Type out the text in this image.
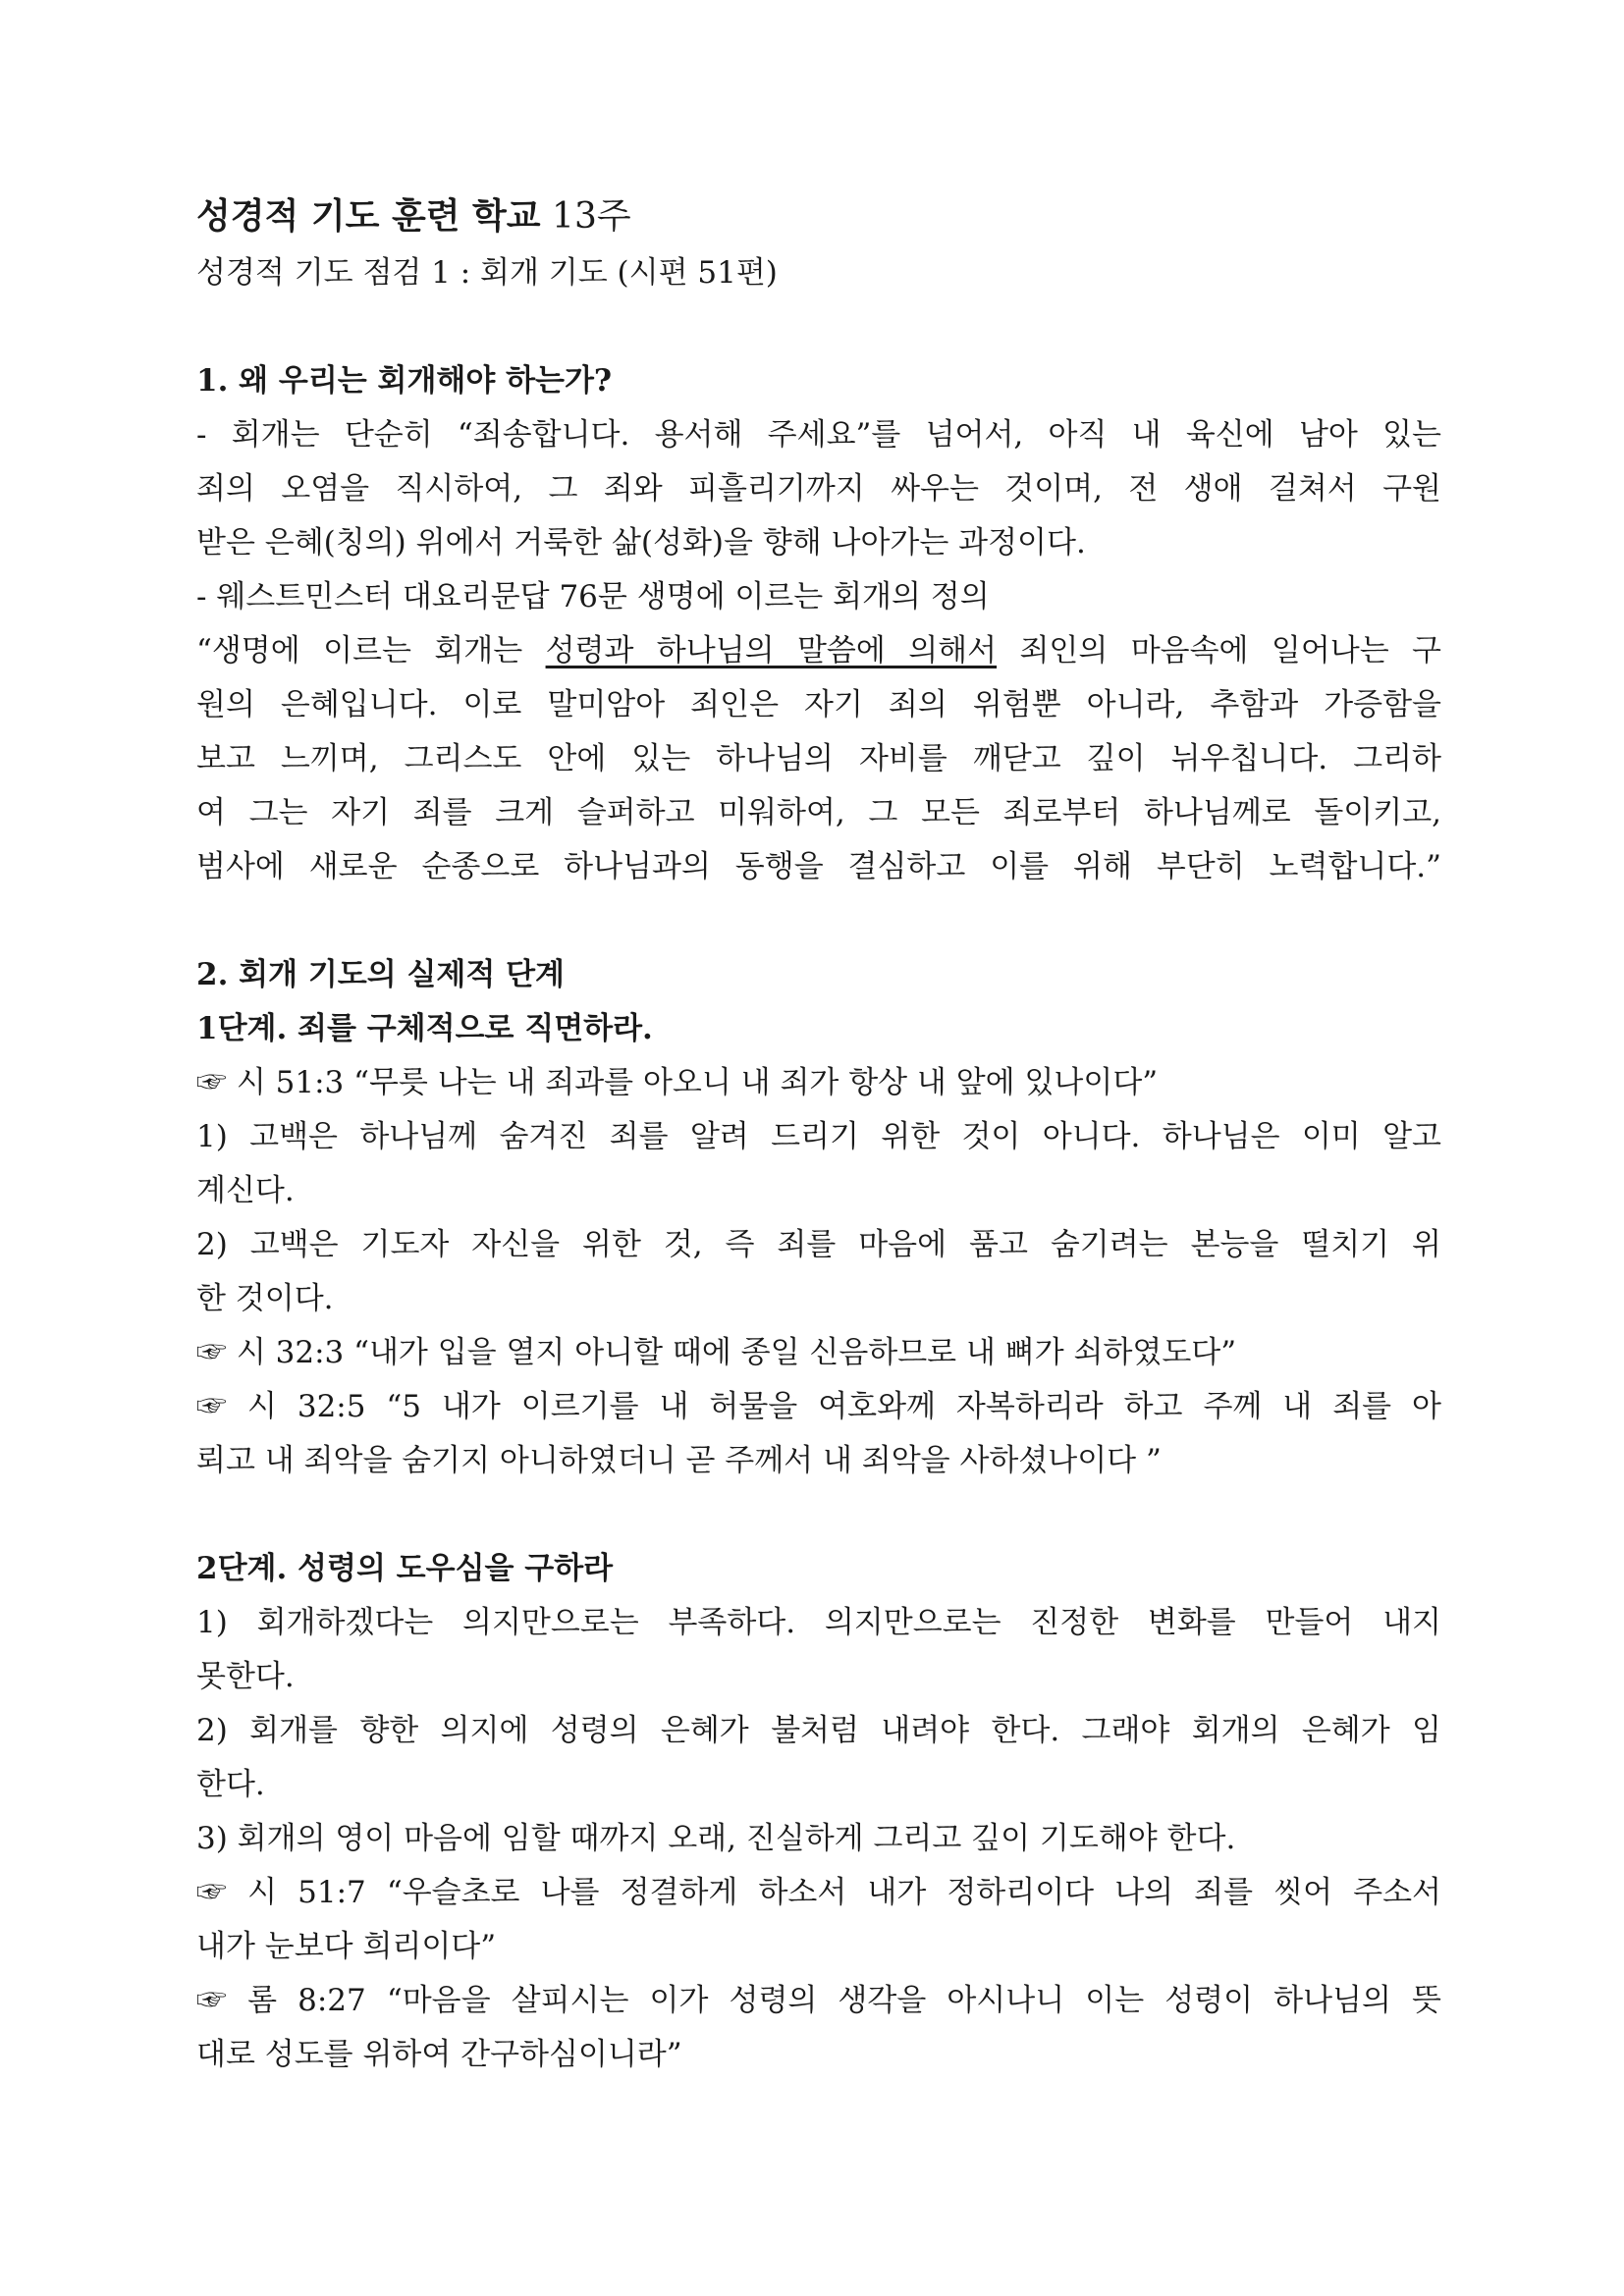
성경적 기도 훈련 학교 13주

성경적 기도 점검 1 : 회개 기도 (시편 51편)

1. 왜 우리는 회개해야 하는가?

- 회개는 단순히 “죄송합니다. 용서해 주세요”를 넘어서, 아직 내 육신에 남아 있는
죄의 오염을 직시하여, 그 죄와 피흘리기까지 싸우는 것이며, 전 생애 걸쳐서 구원
받은 은혜(칭의) 위에서 거룩한 삶(성화)을 향해 나아가는 과정이다.

- 웨스트민스터 대요리문답 76문 생명에 이르는 회개의 정의

“생명에 이르는 회개는 성령과 하나님의 말씀에 의해서 죄인의 마음속에 일어나는 구

원의 은혜입니다. 이로 말미암아 죄인은 자기 죄의 위험뿐 아니라, 추함과 가증함을

보고 느끼며, 그리스도 안에 있는 하나님의 자비를 깨닫고 깊이 뉘우칩니다. 그리하

여 그는 자기 죄를 크게 슬퍼하고 미워하여, 그 모든 죄로부터 하나님께로 돌이키고,

범사에 새로운 순종으로 하나님과의 동행을 결심하고 이를 위해 부단히 노력합니다.”

2. 회개 기도의 실제적 단계

1단계. 죄를 구체적으로 직면하라.

☞ 시 51:3 “무릇 나는 내 죄과를 아오니 내 죄가 항상 내 앞에 있나이다”

1) 고백은 하나님께 숨겨진 죄를 알려 드리기 위한 것이 아니다. 하나님은 이미 알고

계신다.

2) 고백은 기도자 자신을 위한 것, 즉 죄를 마음에 품고 숨기려는 본능을 떨치기 위

한 것이다.

☞ 시 32:3 “내가 입을 열지 아니할 때에 종일 신음하므로 내 뼈가 쇠하였도다”

☞ 시 32:5 “5 내가 이르기를 내 허물을 여호와께 자복하리라 하고 주께 내 죄를 아

뢰고 내 죄악을 숨기지 아니하였더니 곧 주께서 내 죄악을 사하셨나이다 ”

2단계. 성령의 도우심을 구하라

1) 회개하겠다는 의지만으로는 부족하다. 의지만으로는 진정한 변화를 만들어 내지

못한다.

2) 회개를 향한 의지에 성령의 은혜가 불처럼 내려야 한다. 그래야 회개의 은혜가 임

한다.

3) 회개의 영이 마음에 임할 때까지 오래, 진실하게 그리고 깊이 기도해야 한다.

☞ 시 51:7 “우슬초로 나를 정결하게 하소서 내가 정하리이다 나의 죄를 씻어 주소서

내가 눈보다 희리이다”

☞ 롬 8:27 “마음을 살피시는 이가 성령의 생각을 아시나니 이는 성령이 하나님의 뜻

대로 성도를 위하여 간구하심이니라”
